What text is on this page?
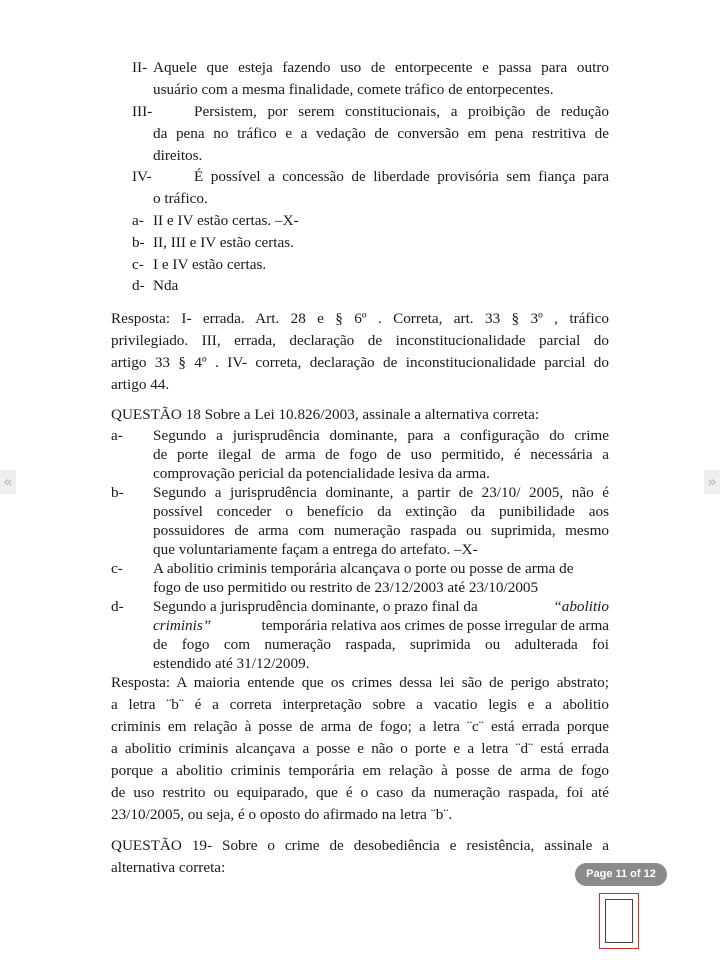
II- Aquele que esteja fazendo uso de entorpecente e passa para outro
usuário com a mesma finalidade, comete tráfico de entorpecentes.
III-	Persistem, por serem constitucionais, a proibição de redução
da pena no tráfico e a vedação de conversão em pena restritiva de
direitos.
IV-	É possível a concessão de liberdade provisória sem fiança para
o tráfico.
a- II e IV estão certas. –X-
b- II, III e IV estão certas.
c- I e IV estão certas.
d- Nda
Resposta: I- errada. Art. 28 e § 6º . Correta, art. 33 § 3º , tráfico
privilegiado. III, errada, declaração de inconstitucionalidade parcial do
artigo 33 § 4º . IV- correta, declaração de inconstitucionalidade parcial do
artigo 44.
QUESTÃO 18 Sobre a Lei 10.826/2003, assinale a alternativa correta:
a- Segundo a jurisprudência dominante, para a configuração do crime
de porte ilegal de arma de fogo de uso permitido, é necessária a
comprovação pericial da potencialidade lesiva da arma.
b- Segundo a jurisprudência dominante, a partir de 23/10/ 2005, não é
possível conceder o benefício da extinção da punibilidade aos
possuidores de arma com numeração raspada ou suprimida, mesmo
que voluntariamente façam a entrega do artefato. –X-
c- A abolitio criminis temporária alcançava o porte ou posse de arma de
fogo de uso permitido ou restrito de 23/12/2003 até 23/10/2005
d- Segundo a jurisprudência dominante, o prazo final da	“abolitio
criminis”	temporária relativa aos crimes de posse irregular de arma
de fogo com numeração raspada, suprimida ou adulterada foi
estendido até 31/12/2009.
Resposta: A maioria entende que os crimes dessa lei são de perigo abstrato;
a letra ¨b¨ é a correta interpretação sobre a vacatio legis e a abolitio
criminis em relação à posse de arma de fogo; a letra ¨c¨ está errada porque
a abolitio criminis alcançava a posse e não o porte e a letra ¨d¨ está errada
porque a abolitio criminis temporária em relação à posse de arma de fogo
de uso restrito ou equiparado, que é o caso da numeração raspada, foi até
23/10/2005, ou seja, é o oposto do afirmado na letra ¨b¨.
QUESTÃO 19- Sobre o crime de desobediência e resistência, assinale a
alternativa correta:
«	»
Page 11 of 12
